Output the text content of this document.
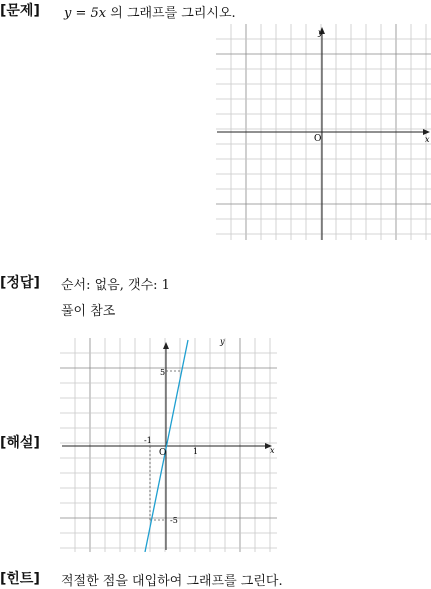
[문제] y = 5x 의 그래프를 그리시오.
y
x
O
[정답] 순서: 없음, 갯수: 1
풀이 참조
[해설]
y
x
O
5
-1
1
-5
[힌트] 적절한 점을 대입하여 그래프를 그린다.
